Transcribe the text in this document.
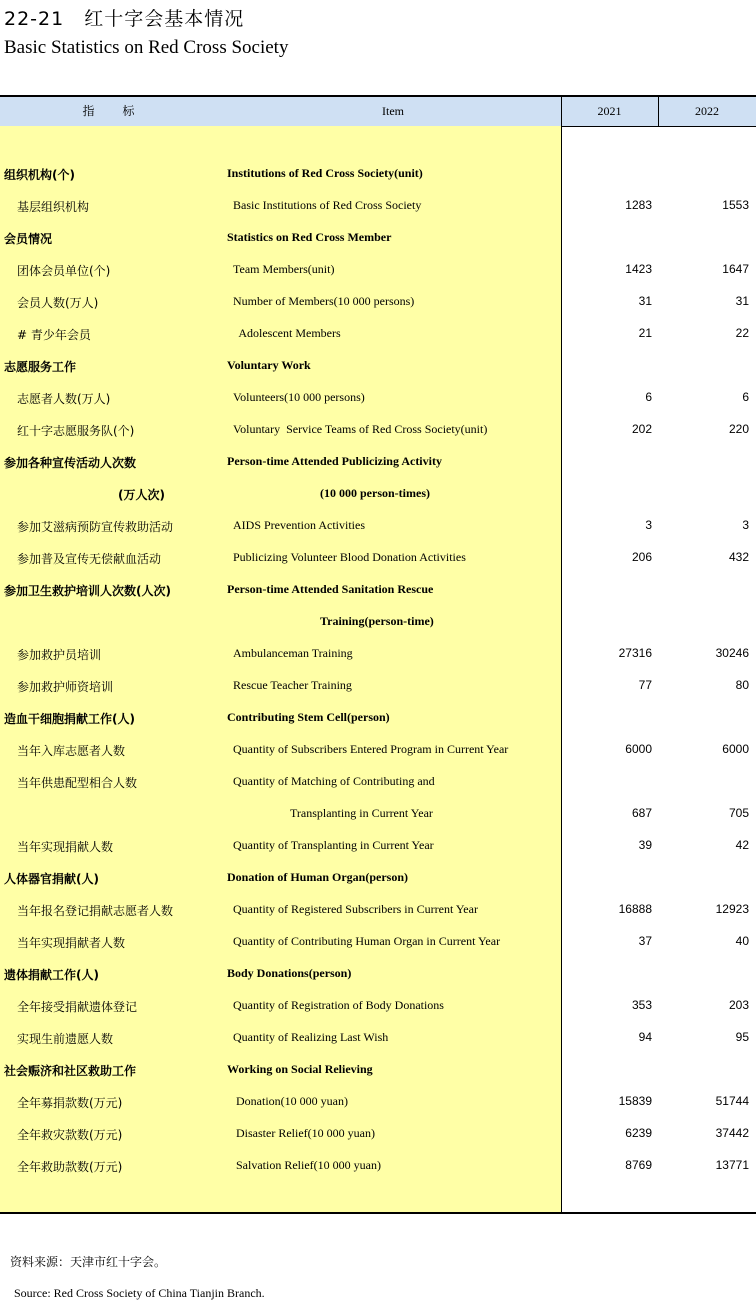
22-21　红十字会基本情况
Basic Statistics on Red Cross Society
指　标	Item	2021	2022
组织机构(个)	Institutions of Red Cross Society(unit)
基层组织机构	Basic Institutions of Red Cross Society	1283	1553
会员情况	Statistics on Red Cross Member
团体会员单位(个)	Team Members(unit)	1423	1647
会员人数(万人)	Number of Members(10 000 persons)	31	31
# 青少年会员	Adolescent Members	21	22
志愿服务工作	Voluntary Work
志愿者人数(万人)	Volunteers(10 000 persons)	6	6
红十字志愿服务队(个)	Voluntary  Service Teams of Red Cross Society(unit)	202	220
参加各种宣传活动人次数	Person-time Attended Publicizing Activity
(万人次)	(10 000 person-times)
参加艾滋病预防宣传救助活动	AIDS Prevention Activities	3	3
参加普及宣传无偿献血活动	Publicizing Volunteer Blood Donation Activities	206	432
参加卫生救护培训人次数(人次)	Person-time Attended Sanitation Rescue
Training(person-time)
参加救护员培训	Ambulanceman Training	27316	30246
参加救护师资培训	Rescue Teacher Training	77	80
造血干细胞捐献工作(人)	Contributing Stem Cell(person)
当年入库志愿者人数	Quantity of Subscribers Entered Program in Current Year	6000	6000
当年供患配型相合人数	Quantity of Matching of Contributing and
Transplanting in Current Year	687	705
当年实现捐献人数	Quantity of Transplanting in Current Year	39	42
人体器官捐献(人)	Donation of Human Organ(person)
当年报名登记捐献志愿者人数	Quantity of Registered Subscribers in Current Year	16888	12923
当年实现捐献者人数	Quantity of Contributing Human Organ in Current Year	37	40
遗体捐献工作(人)	Body Donations(person)
全年接受捐献遗体登记	Quantity of Registration of Body Donations	353	203
实现生前遗愿人数	Quantity of Realizing Last Wish	94	95
社会赈济和社区救助工作	Working on Social Relieving
全年募捐款数(万元)	Donation(10 000 yuan)	15839	51744
全年救灾款数(万元)	Disaster Relief(10 000 yuan)	6239	37442
全年救助款数(万元)	Salvation Relief(10 000 yuan)	8769	13771
资料来源：天津市红十字会。
Source: Red Cross Society of China Tianjin Branch.
